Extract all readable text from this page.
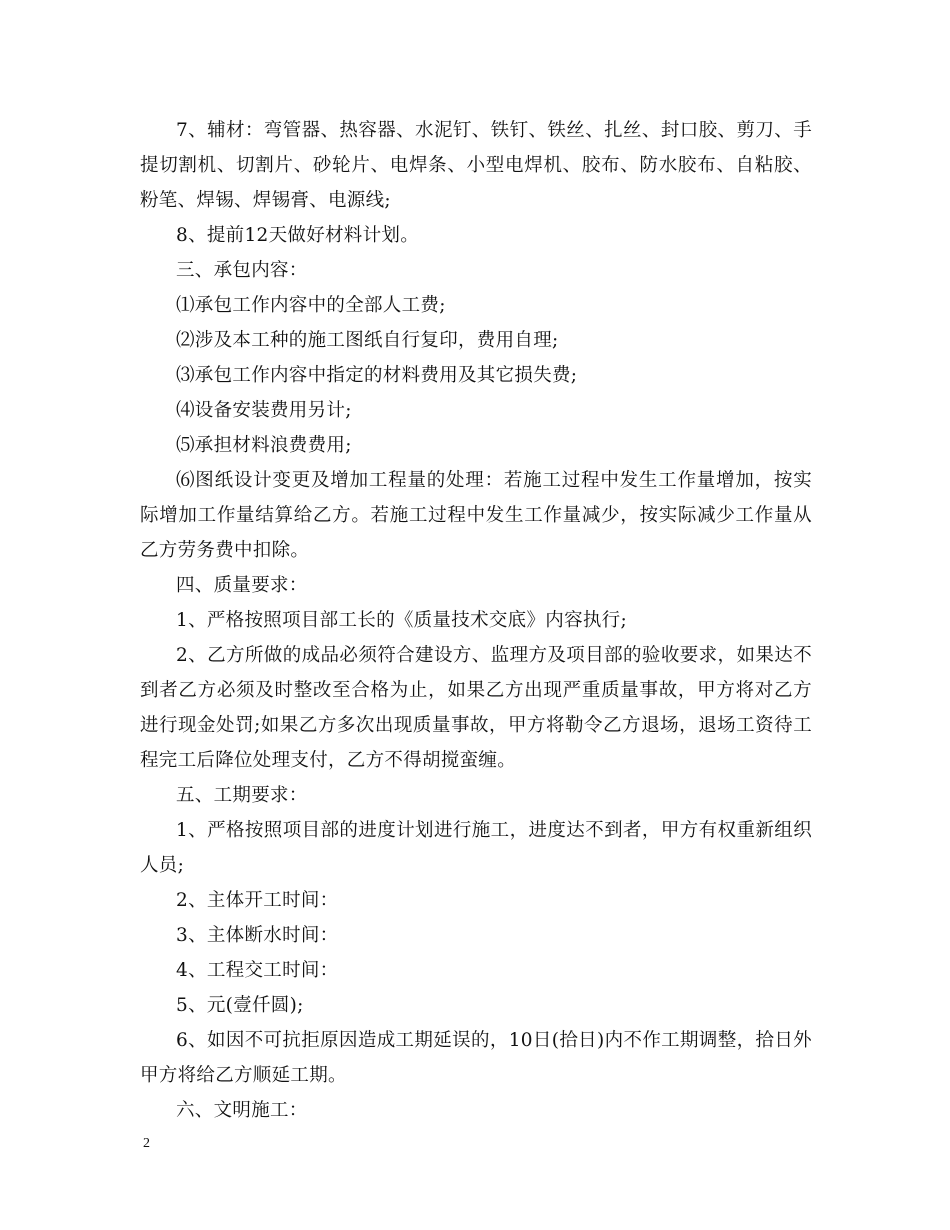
7、辅材：弯管器、热容器、水泥钉、铁钉、铁丝、扎丝、封口胶、剪刀、手提切割机、切割片、砂轮片、电焊条、小型电焊机、胶布、防水胶布、自粘胶、粉笔、焊锡、焊锡膏、电源线;

8、提前12天做好材料计划。

三、承包内容：

⑴承包工作内容中的全部人工费;

⑵涉及本工种的施工图纸自行复印，费用自理;

⑶承包工作内容中指定的材料费用及其它损失费;

⑷设备安装费用另计;

⑸承担材料浪费费用;

⑹图纸设计变更及增加工程量的处理：若施工过程中发生工作量增加，按实际增加工作量结算给乙方。若施工过程中发生工作量减少，按实际减少工作量从乙方劳务费中扣除。

四、质量要求：

1、严格按照项目部工长的《质量技术交底》内容执行;

2、乙方所做的成品必须符合建设方、监理方及项目部的验收要求，如果达不到者乙方必须及时整改至合格为止，如果乙方出现严重质量事故，甲方将对乙方进行现金处罚;如果乙方多次出现质量事故，甲方将勒令乙方退场，退场工资待工程完工后降位处理支付，乙方不得胡搅蛮缠。

五、工期要求：

1、严格按照项目部的进度计划进行施工，进度达不到者，甲方有权重新组织人员;

2、主体开工时间：

3、主体断水时间：

4、工程交工时间：

5、元(壹仟圆);

6、如因不可抗拒原因造成工期延误的，10日(拾日)内不作工期调整，拾日外甲方将给乙方顺延工期。

六、文明施工：

2
